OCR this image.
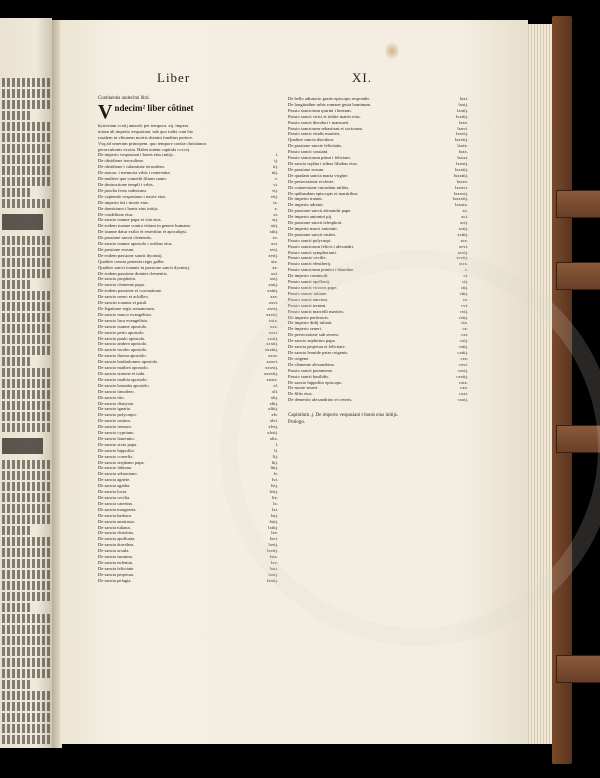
Liber	XI.
Continentia undecimi libri.
V ndecim² liber cõtinet
hystoriam ccxiij annorũ. per tempora. xij. impera
torum ab imperio vespasiani. sub quo iudei cum hie
rusalem in vltionem mortis domini funditus periere.
Vsq̩ ad seuerum principem. quo tempore contra christianos
persecutionis exorta. Habet autem capitula ccxcvj.
De imperio vespasiani t bonis eius initijs.	i.
De obsidione ierosolime.	ij.
De obsidione t calamitate ierusalem.	iij.
De aurora. t memoria vrbis t reuerentia.	iiij.
De muliere que comedit filium suum.	v.
De destructione templi t vrbis.	vi.
De pascha festo iudeorum.	vij.
De capiendo vespasiano t morte eius.	viij.
De imperio titi t morte eius.	ix.
De domiciano t bonis eius initijs.	x.
De crudelitate eius.	xi.
De sancto ioanne papa et vita eius.	xij.
De eodem ioanne contra vitium in genere humano.	xiij.
De ioanne datur exilio et reuertitur et apocalipsi.	xiiij.
De passione sancti clementis.	xv.
De sancto ioanne apostolo t actibus eius.	xvi.
De passione eorum.	xvij.
De eodem passione sancti dyonisij.	xviij.
Qualiter cuncta potentia regis gallie.	xix.
Qualiter sancti ioannis in passione sancti dyonisij.	xx.
De eodem passione domini clementis.	xxi.
De sancto prophetia.	xxij.
De sancto clemente papa.	xxiij.
De eodem passione et coronatione.	xxiiij.
De sancto nereo et achilleo.	xxv.
De sanctis ioannis et pauli.	xxvi.
De legatione regis romanorum.	xxvij.
De sancto marco evangelista.	xxviij.
De sancto luca evangelista.	xxix.
De sancto ioanne apostolo.	xxx.
De sancto petro apostolo.	xxxi.
De sancto paulo apostolo.	xxxij.
De sancto andrea apostolo.	xxxiij.
De sancto iacobo apostolo.	xxxiiij.
De sancto thoma apostolo.	xxxv.
De sancto bartholomeo apostolo.	xxxvi.
De sancto matheo apostolo.	xxxvij.
De sancto simone et iuda.	xxxviij.
De sancto mathia apostolo.	xxxix.
De sancto barnaba apostolo.	xl.
De sancto timotheo.	xli.
De sancto tito.	xlij.
De sancto dionysio.	xliij.
De sancto ignatio.	xliiij.
De sancto polycarpo.	xlv.
De sancto iustino.	xlvi.
De sancto irenaeo.	xlvij.
De sancto cypriano.	xlviij.
De sancto laurentio.	xlix.
De sancto sixto papa.	l.
De sancto hippolito.	li.
De sancto cornelio.	lij.
De sancto stephano papa.	liij.
De sancto fabiano.	liiij.
De sancto sebastiano.	lv.
De sancta agnete.	lvi.
De sancta agatha.	lvij.
De sancta lucia.	lviij.
De sancta cecilia.	lix.
De sancta caterina.	lx.
De sancta margareta.	lxi.
De sancta barbara.	lxij.
De sancta anastasia.	lxiij.
De sancta iuliana.	lxiiij.
De sancta christina.	lxv.
De sancta apollonia.	lxvi.
De sancta dorothea.	lxvij.
De sancta ursula.	lxviij.
De sancta susanna.	lxix.
De sancta eufemia.	lxx.
De sancta felicitate.	lxxi.
De sancta perpetua.	lxxij.
De sancta pelagia.	lxxiij.
De bello adiutorio gratie episcopo respondit.	lxxi.
De longitudine urbis romane gesta hominum.	lxxij.
Passio sanctorum quirini t beatum.	lxxiij.
Passio sancti cirici et iulitte matris eius.	lxxiiij.
Passio sancti theodori t mansueti.	lxxv.
Passio sanctorum sebastiani et sociorum.	lxxvi.
Passio sancti vitalis martiris.	lxxvij.
Qualiter sancta theodora.	lxxviij.
De passione sancte felicitatis.	lxxix.
Passio sancti cassiani.	lxxx.
Passio sanctorum primi t feliciani.	lxxxi.
De sancta sophia t tribus filiabus eius.	lxxxij.
De passione eorum.	lxxxiij.
De quadam sancta maria virgine.	lxxxiiij.
De persecutione ecclesie.	lxxxv.
De conuersione cuiusdam militis.	lxxxvi.
De quibusdam episcopis et martiribus.	lxxxvij.
De imperio traiani.	lxxxviij.
De imperio adriani.	lxxxix.
De passione sancti alexandri pape.	xc.
De imperio antonini pij.	xci.
De passione sancti telesphori.	xcij.
De imperio marci antonini.	xciij.
De passione sancti iustini.	xciiij.
Passio sancti polycarpi.	xcv.
Passio sanctorum felicis t alexandri.	xcvi.
Passio sancti symphoriani.	xcvij.
Passio sancte cecilie.	xcviij.
Passio sancti eleutherij.	xcix.
Passio sanctorum pontici t blandine.	c.
De imperio commodi.	ci.
Passio sancti apollonij.	cij.
Passio sancti victoris pape.	ciij.
Passio sancte iuliane.	ciiij.
Passio sancti narcissi.	cv.
Passio sancti ireneai.	cvi.
Passio sancti marcelli martiris.	cvij.
De imperio pertinacis.	cviij.
De imperio didij iuliani.	cix.
De imperio seueri.	cx.
De persecutione sub seuero.	cxi.
De sancto zephirino papa.	cxij.
De sancta perpetua et felicitate.	cxiij.
De sancto leonide patre origenis.	cxiiij.
De origene.	cxv.
De clemente alexandrino.	cxvi.
Passio sancti potamiene.	cxvij.
Passio sancti basilidis.	cxviij.
De sancto hippolito episcopo.	cxix.
De morte seueri.	cxx.
De filiis eius.	cxxi.
De demetrio alexandrino et ceteris.	cxxij.
Capitulum .j. De imperio vespasiani t bonis eius initijs.
Prologo.
